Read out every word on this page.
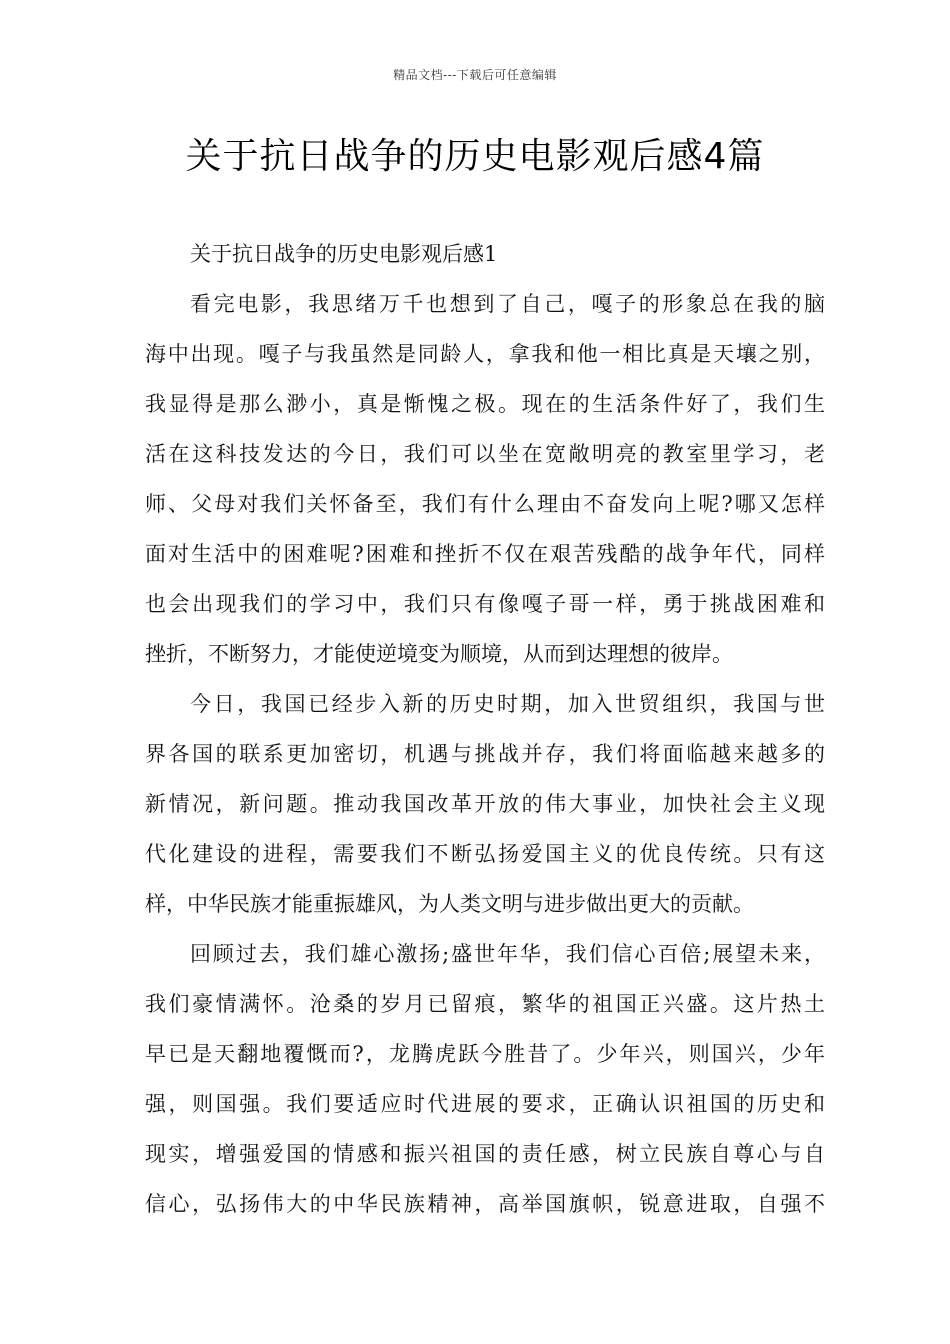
精品文档---下载后可任意编辑
关于抗日战争的历史电影观后感4篇

关于抗日战争的历史电影观后感1

看完电影，我思绪万千也想到了自己，嘎子的形象总在我的脑
海中出现。嘎子与我虽然是同龄人，拿我和他一相比真是天壤之别，
我显得是那么渺小，真是惭愧之极。现在的生活条件好了，我们生
活在这科技发达的今日，我们可以坐在宽敞明亮的教室里学习，老
师、父母对我们关怀备至，我们有什么理由不奋发向上呢?哪又怎样
面对生活中的困难呢?困难和挫折不仅在艰苦残酷的战争年代，同样
也会出现我们的学习中，我们只有像嘎子哥一样，勇于挑战困难和
挫折，不断努力，才能使逆境变为顺境，从而到达理想的彼岸。
今日，我国已经步入新的历史时期，加入世贸组织，我国与世
界各国的联系更加密切，机遇与挑战并存，我们将面临越来越多的
新情况，新问题。推动我国改革开放的伟大事业，加快社会主义现
代化建设的进程，需要我们不断弘扬爱国主义的优良传统。只有这
样，中华民族才能重振雄风，为人类文明与进步做出更大的贡献。
回顾过去，我们雄心激扬;盛世年华，我们信心百倍;展望未来，
我们豪情满怀。沧桑的岁月已留痕，繁华的祖国正兴盛。这片热土
早已是天翻地覆慨而?，龙腾虎跃今胜昔了。少年兴，则国兴，少年
强，则国强。我们要适应时代进展的要求，正确认识祖国的历史和
现实，增强爱国的情感和振兴祖国的责任感，树立民族自尊心与自
信心，弘扬伟大的中华民族精神，高举国旗帜，锐意进取，自强不
